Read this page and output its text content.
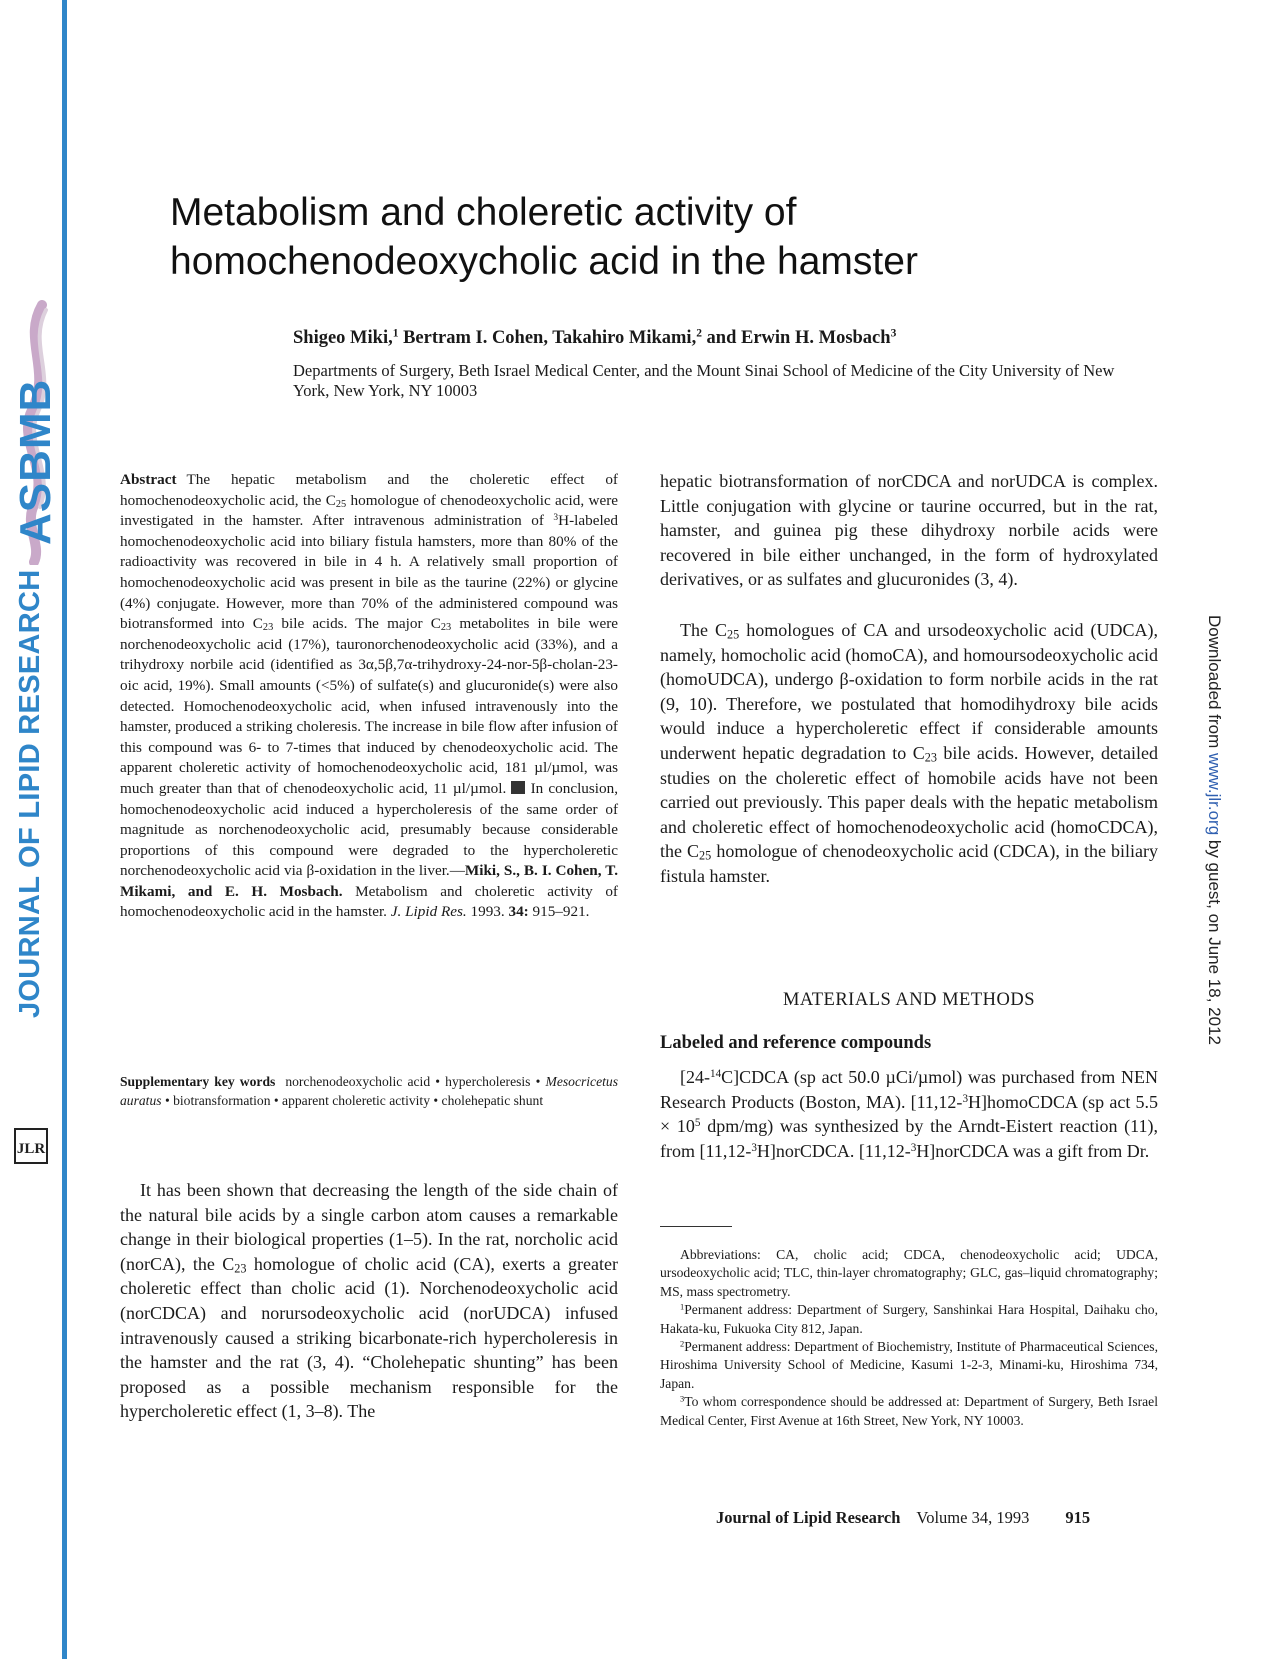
ASBMB
JOURNAL OF LIPID RESEARCH
JLR
Downloaded from www.jlr.org by guest, on June 18, 2012
Metabolism and choleretic activity of
homochenodeoxycholic acid in the hamster
Shigeo Miki,$^1$ Bertram I. Cohen, Takahiro Mikami,$^2$ and Erwin H. Mosbach$^3$
Departments of Surgery, Beth Israel Medical Center, and the Mount Sinai School of Medicine of the City University of New York, New York, NY 10003

Abstract The hepatic metabolism and the choleretic effect of homochenodeoxycholic acid, the $C_{25}$ homologue of chenodeoxycholic acid, were investigated in the hamster. After intravenous administration of $^3$H-labeled homochenodeoxycholic acid into biliary fistula hamsters, more than 80% of the radioactivity was recovered in bile in 4 h. A relatively small proportion of homochenodeoxycholic acid was present in bile as the taurine (22%) or glycine (4%) conjugate. However, more than 70% of the administered compound was biotransformed into $C_{23}$ bile acids. The major $C_{23}$ metabolites in bile were norchenodeoxycholic acid (17%), tauronorchenodeoxycholic acid (33%), and a trihydroxy norbile acid (identified as 3α,5β,7α-trihydroxy-24-nor-5β-cholan-23-oic acid, 19%). Small amounts (<5%) of sulfate(s) and glucuronide(s) were also detected. Homochenodeoxycholic acid, when infused intravenously into the hamster, produced a striking choleresis. The increase in bile flow after infusion of this compound was 6- to 7-times that induced by chenodeoxycholic acid. The apparent choleretic activity of homochenodeoxycholic acid, 181 µl/µmol, was much greater than that of chenodeoxycholic acid, 11 µl/µmol.  In conclusion, homochenodeoxycholic acid induced a hypercholeresis of the same order of magnitude as norchenodeoxycholic acid, presumably because considerable proportions of this compound were degraded to the hypercholeretic norchenodeoxycholic acid via β-oxidation in the liver.—Miki, S., B. I. Cohen, T. Mikami, and E. H. Mosbach. Metabolism and choleretic activity of homochenodeoxycholic acid in the hamster. J. Lipid Res. 1993. 34: 915–921.

Supplementary key words norchenodeoxycholic acid • hypercholeresis • Mesocricetus auratus • biotransformation • apparent choleretic activity • cholehepatic shunt

It has been shown that decreasing the length of the side chain of the natural bile acids by a single carbon atom causes a remarkable change in their biological properties (1–5). In the rat, norcholic acid (norCA), the $C_{23}$ homologue of cholic acid (CA), exerts a greater choleretic effect than cholic acid (1). Norchenodeoxycholic acid (norCDCA) and norursodeoxycholic acid (norUDCA) infused intravenously caused a striking bicarbonate-rich hypercholeresis in the hamster and the rat (3, 4). “Cholehepatic shunting” has been proposed as a possible mechanism responsible for the hypercholeretic effect (1, 3–8). The

hepatic biotransformation of norCDCA and norUDCA is complex. Little conjugation with glycine or taurine occurred, but in the rat, hamster, and guinea pig these dihydroxy norbile acids were recovered in bile either unchanged, in the form of hydroxylated derivatives, or as sulfates and glucuronides (3, 4).

The $C_{25}$ homologues of CA and ursodeoxycholic acid (UDCA), namely, homocholic acid (homoCA), and homoursodeoxycholic acid (homoUDCA), undergo β-oxidation to form norbile acids in the rat (9, 10). Therefore, we postulated that homodihydroxy bile acids would induce a hypercholeretic effect if considerable amounts underwent hepatic degradation to $C_{23}$ bile acids. However, detailed studies on the choleretic effect of homobile acids have not been carried out previously. This paper deals with the hepatic metabolism and choleretic effect of homochenodeoxycholic acid (homoCDCA), the $C_{25}$ homologue of chenodeoxycholic acid (CDCA), in the biliary fistula hamster.

MATERIALS AND METHODS
Labeled and reference compounds

[24-$^{14}$C]CDCA (sp act 50.0 µCi/µmol) was purchased from NEN Research Products (Boston, MA). [11,12-$^3$H]homoCDCA (sp act $5.5 \times 10^5$ dpm/mg) was synthesized by the Arndt-Eistert reaction (11), from [11,12-$^3$H]norCDCA. [11,12-$^3$H]norCDCA was a gift from Dr.

Abbreviations: CA, cholic acid; CDCA, chenodeoxycholic acid; UDCA, ursodeoxycholic acid; TLC, thin-layer chromatography; GLC, gas–liquid chromatography; MS, mass spectrometry.

$^1$Permanent address: Department of Surgery, Sanshinkai Hara Hospital, Daihaku cho, Hakata-ku, Fukuoka City 812, Japan.

$^2$Permanent address: Department of Biochemistry, Institute of Pharmaceutical Sciences, Hiroshima University School of Medicine, Kasumi 1-2-3, Minami-ku, Hiroshima 734, Japan.

$^3$To whom correspondence should be addressed at: Department of Surgery, Beth Israel Medical Center, First Avenue at 16th Street, New York, NY 10003.

Journal of Lipid Research Volume 34, 1993 915
